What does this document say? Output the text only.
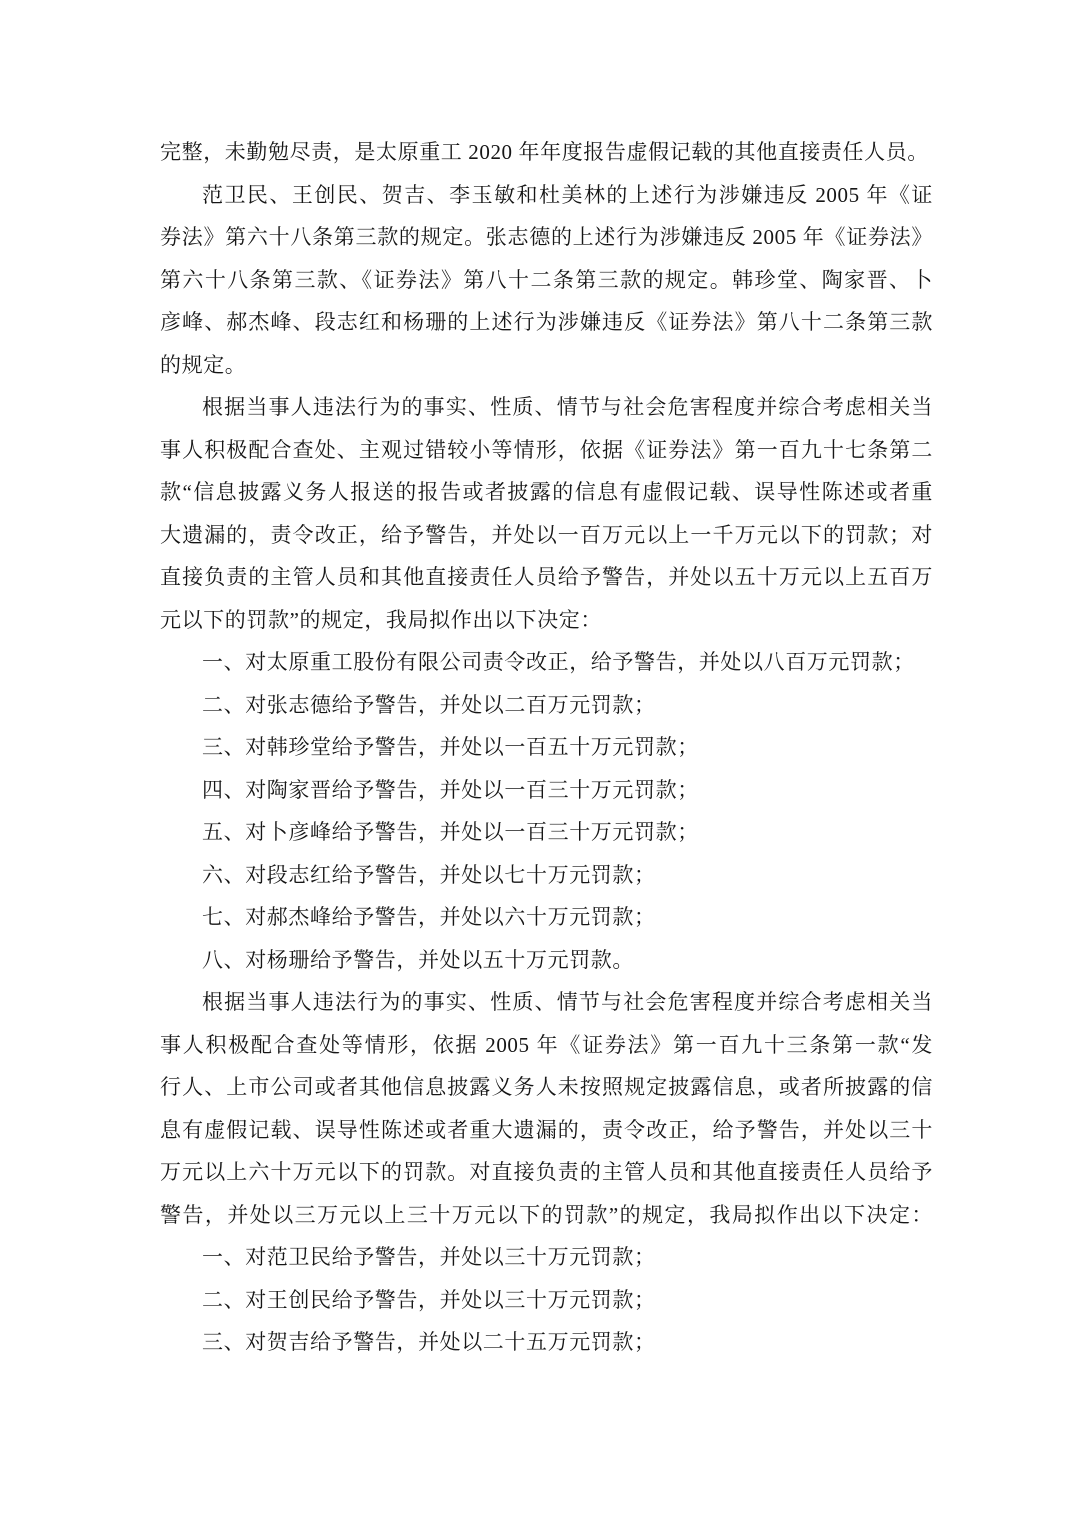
完整，未勤勉尽责，是太原重工 2020 年年度报告虚假记载的其他直接责任人员。
范卫民、王创民、贺吉、李玉敏和杜美林的上述行为涉嫌违反 2005 年《证
券法》第六十八条第三款的规定。张志德的上述行为涉嫌违反 2005 年《证券法》
第六十八条第三款、《证券法》第八十二条第三款的规定。韩珍堂、陶家晋、卜
彦峰、郝杰峰、段志红和杨珊的上述行为涉嫌违反《证券法》第八十二条第三款
的规定。
根据当事人违法行为的事实、性质、情节与社会危害程度并综合考虑相关当
事人积极配合查处、主观过错较小等情形，依据《证券法》第一百九十七条第二
款“信息披露义务人报送的报告或者披露的信息有虚假记载、误导性陈述或者重
大遗漏的，责令改正，给予警告，并处以一百万元以上一千万元以下的罚款；对
直接负责的主管人员和其他直接责任人员给予警告，并处以五十万元以上五百万
元以下的罚款”的规定，我局拟作出以下决定：
一、对太原重工股份有限公司责令改正，给予警告，并处以八百万元罚款；
二、对张志德给予警告，并处以二百万元罚款；
三、对韩珍堂给予警告，并处以一百五十万元罚款；
四、对陶家晋给予警告，并处以一百三十万元罚款；
五、对卜彦峰给予警告，并处以一百三十万元罚款；
六、对段志红给予警告，并处以七十万元罚款；
七、对郝杰峰给予警告，并处以六十万元罚款；
八、对杨珊给予警告，并处以五十万元罚款。
根据当事人违法行为的事实、性质、情节与社会危害程度并综合考虑相关当
事人积极配合查处等情形，依据 2005 年《证券法》第一百九十三条第一款“发
行人、上市公司或者其他信息披露义务人未按照规定披露信息，或者所披露的信
息有虚假记载、误导性陈述或者重大遗漏的，责令改正，给予警告，并处以三十
万元以上六十万元以下的罚款。对直接负责的主管人员和其他直接责任人员给予
警告，并处以三万元以上三十万元以下的罚款”的规定，我局拟作出以下决定：
一、对范卫民给予警告，并处以三十万元罚款；
二、对王创民给予警告，并处以三十万元罚款；
三、对贺吉给予警告，并处以二十五万元罚款；
